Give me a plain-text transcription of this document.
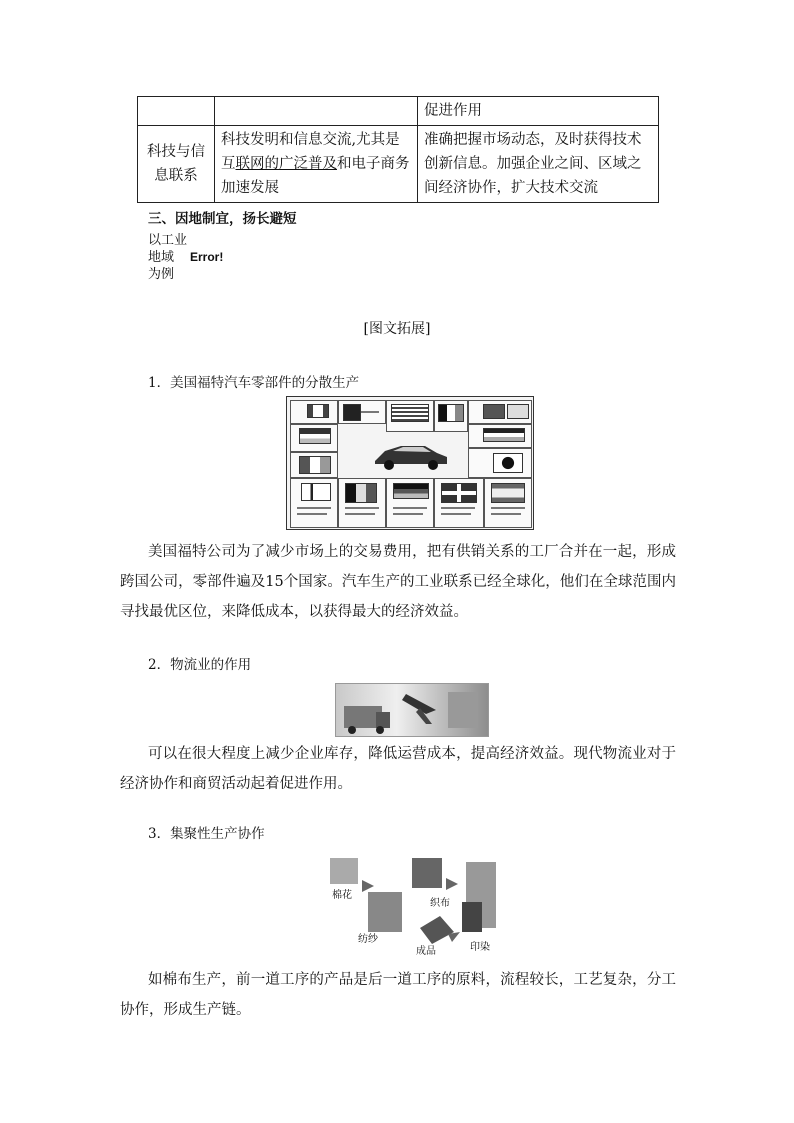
		促进作用
科技与信息联系	科技发明和信息交流,尤其是互联网的广泛普及和电子商务加速发展	准确把握市场动态，及时获得技术创新信息。加强企业之间、区域之间经济协作，扩大技术交流
三、因地制宜，扬长避短
以工业
地域
为例
Error!
[图文拓展]
1．美国福特汽车零部件的分散生产
美国福特公司为了减少市场上的交易费用，把有供销关系的工厂合并在一起，形成跨国公司，零部件遍及15个国家。汽车生产的工业联系已经全球化，他们在全球范围内寻找最优区位，来降低成本，以获得最大的经济效益。
2．物流业的作用
可以在很大程度上减少企业库存，降低运营成本，提高经济效益。现代物流业对于经济协作和商贸活动起着促进作用。
3．集聚性生产协作
棉花
织布
纺纱
印染
成品
如棉布生产，前一道工序的产品是后一道工序的原料，流程较长，工艺复杂，分工协作，形成生产链。
